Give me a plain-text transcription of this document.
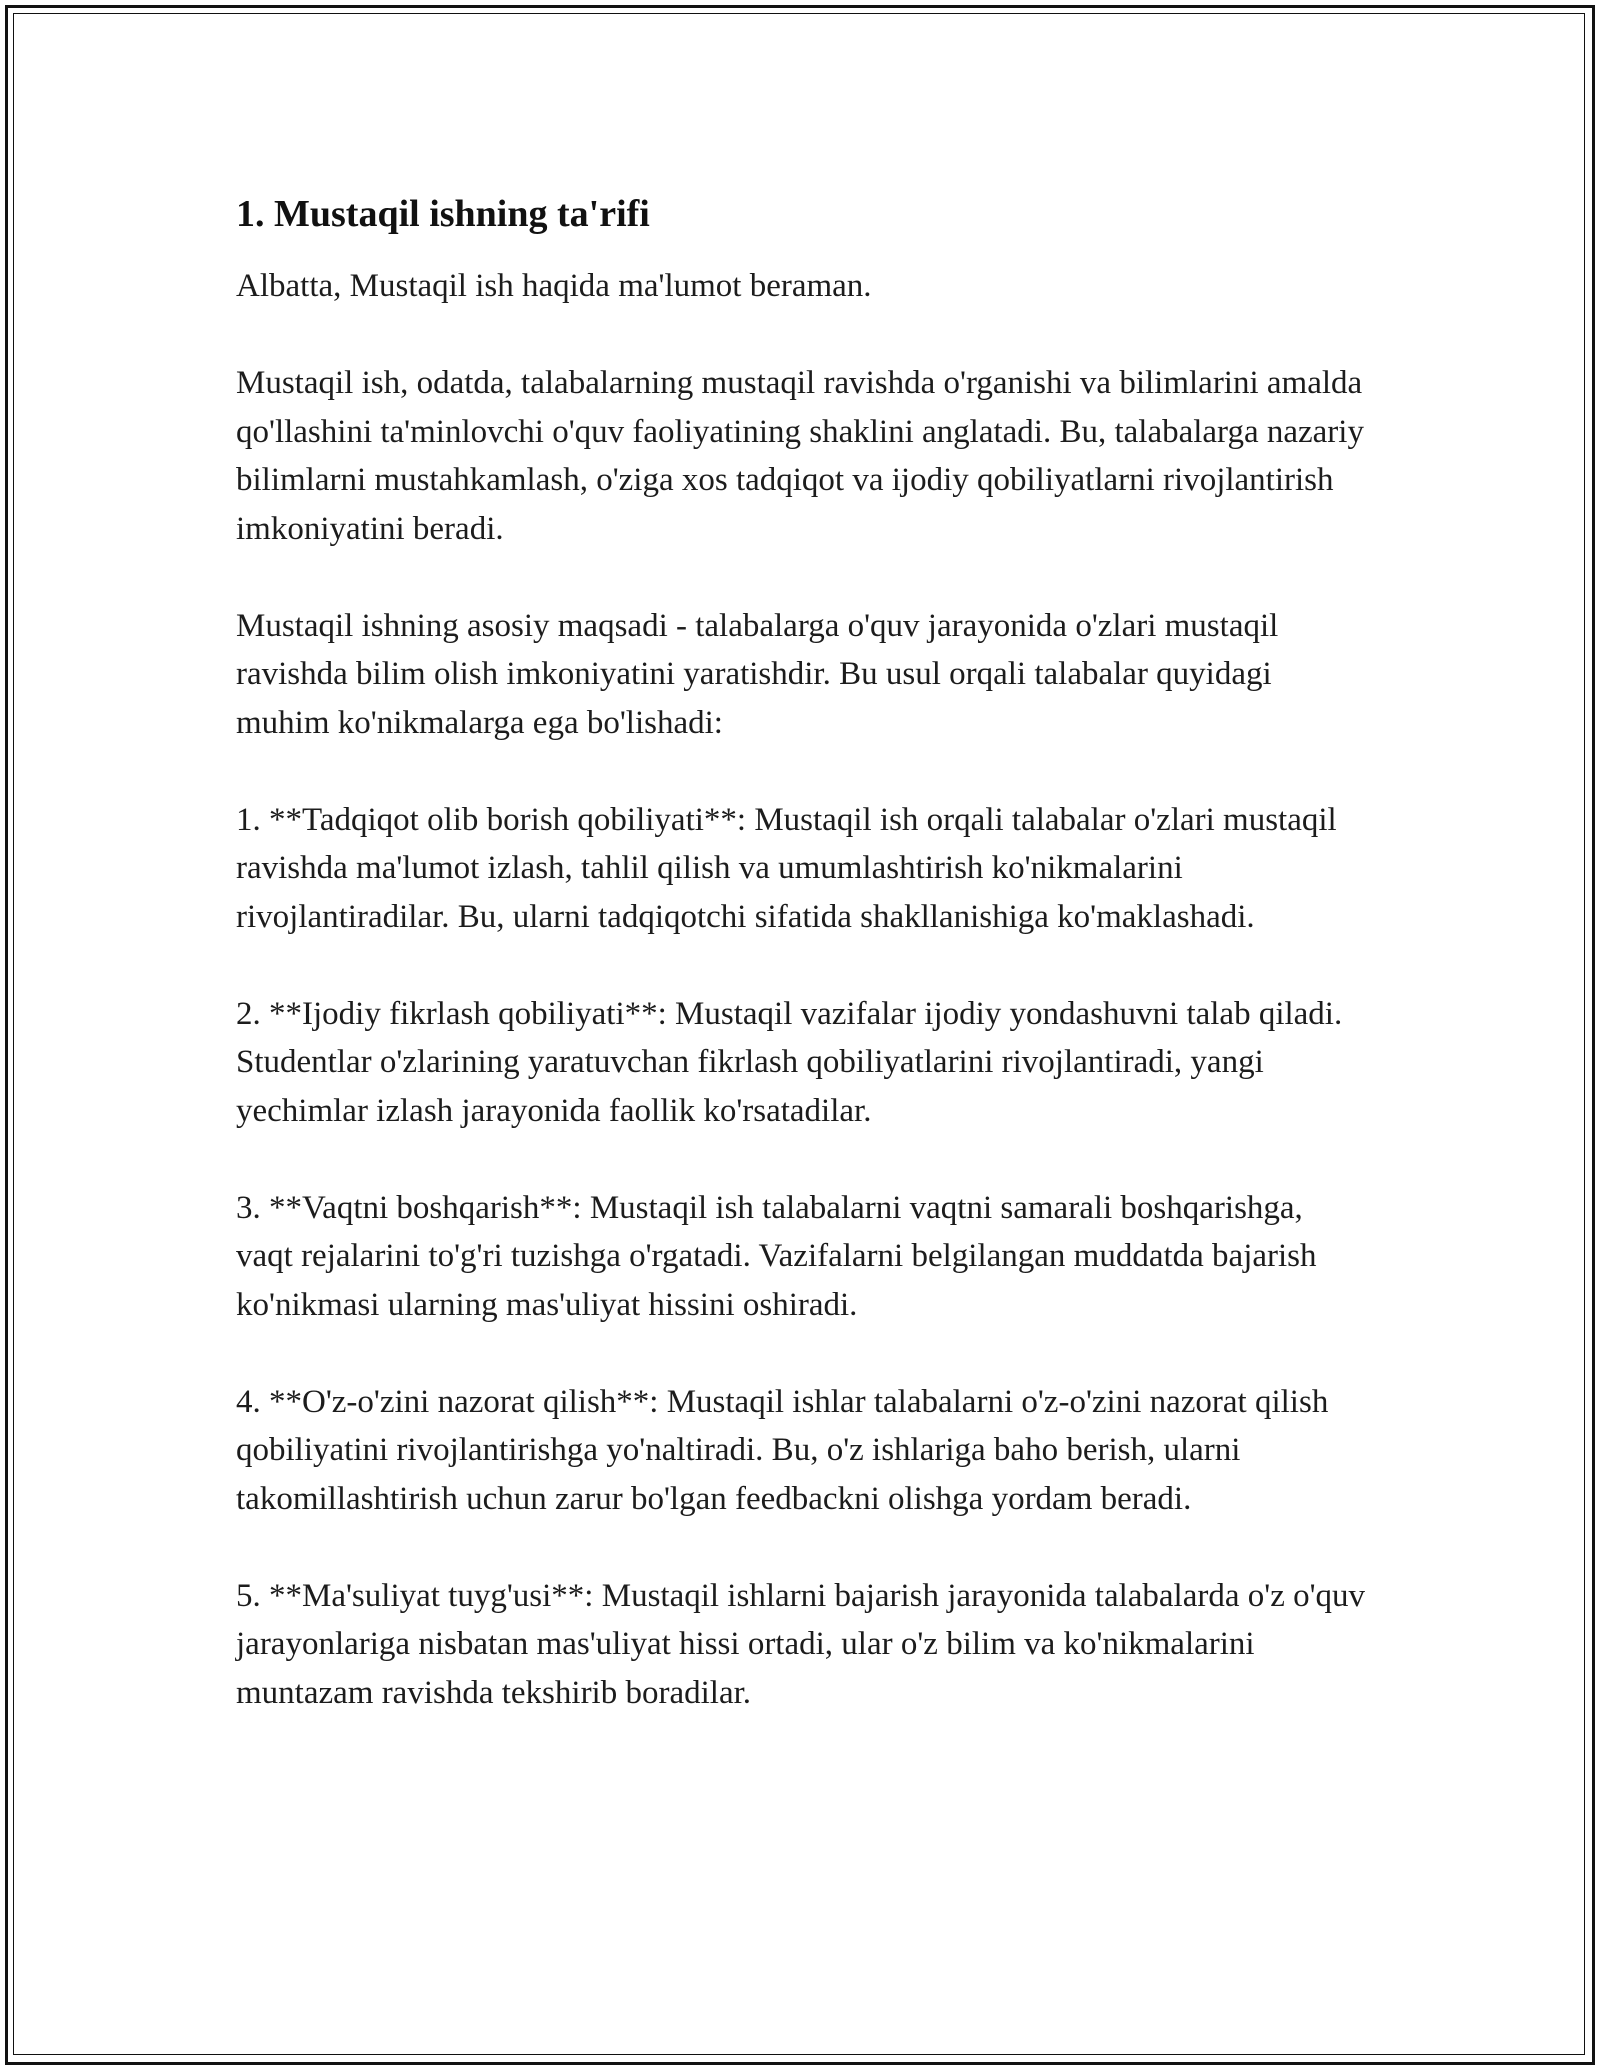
1. Mustaqil ishning ta'rifi

Albatta, Mustaqil ish haqida ma'lumot beraman.

Mustaqil ish, odatda, talabalarning mustaqil ravishda o'rganishi va bilimlarini amalda qo'llashini ta'minlovchi o'quv faoliyatining shaklini anglatadi. Bu, talabalarga nazariy bilimlarni mustahkamlash, o'ziga xos tadqiqot va ijodiy qobiliyatlarni rivojlantirish imkoniyatini beradi.

Mustaqil ishning asosiy maqsadi - talabalarga o'quv jarayonida o'zlari mustaqil ravishda bilim olish imkoniyatini yaratishdir. Bu usul orqali talabalar quyidagi muhim ko'nikmalarga ega bo'lishadi:

1. **Tadqiqot olib borish qobiliyati**: Mustaqil ish orqali talabalar o'zlari mustaqil ravishda ma'lumot izlash, tahlil qilish va umumlashtirish ko'nikmalarini rivojlantiradilar. Bu, ularni tadqiqotchi sifatida shakllanishiga ko'maklashadi.

2. **Ijodiy fikrlash qobiliyati**: Mustaqil vazifalar ijodiy yondashuvni talab qiladi. Studentlar o'zlarining yaratuvchan fikrlash qobiliyatlarini rivojlantiradi, yangi yechimlar izlash jarayonida faollik ko'rsatadilar.

3. **Vaqtni boshqarish**: Mustaqil ish talabalarni vaqtni samarali boshqarishga, vaqt rejalarini to'g'ri tuzishga o'rgatadi. Vazifalarni belgilangan muddatda bajarish ko'nikmasi ularning mas'uliyat hissini oshiradi.

4. **O'z-o'zini nazorat qilish**: Mustaqil ishlar talabalarni o'z-o'zini nazorat qilish qobiliyatini rivojlantirishga yo'naltiradi. Bu, o'z ishlariga baho berish, ularni takomillashtirish uchun zarur bo'lgan feedbackni olishga yordam beradi.

5. **Ma'suliyat tuyg'usi**: Mustaqil ishlarni bajarish jarayonida talabalarda o'z o'quv jarayonlariga nisbatan mas'uliyat hissi ortadi, ular o'z bilim va ko'nikmalarini muntazam ravishda tekshirib boradilar.
